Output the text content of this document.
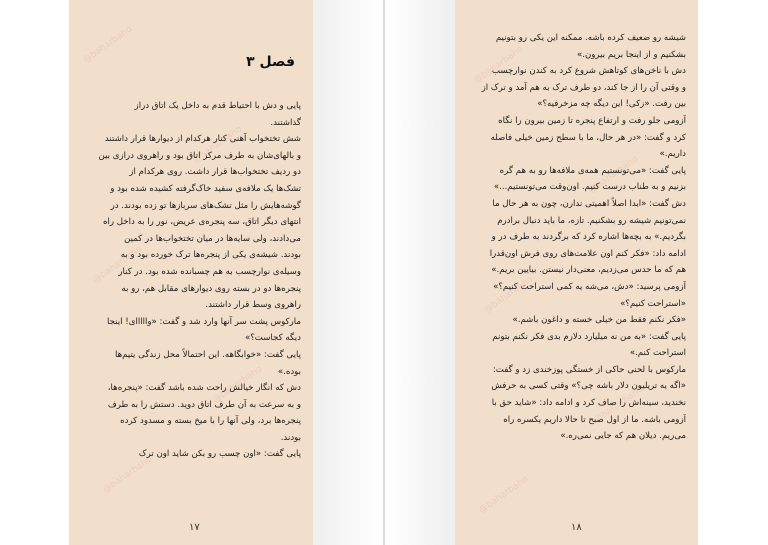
@baharbaho
@baharbaho
@baharbaho
@baharbaho
@baharbaho
فصل ۳
پایی و دش با احتیاط قدم به داخل یک اتاق دراز
گذاشتند.
شش تختخواب آهنی کنار هرکدام از دیوارها قرار داشتند
و بالهای‌شان به طرف مرکز اتاق بود و راهروی درازی بین
دو ردیف تختخواب‌ها قرار داشت. روی هرکدام از
تشک‌ها یک ملافه‌ی سفید خاک‌گرفته کشیده شده بود و
گوشه‌هایش را مثل تشک‌های سربازها تو زده بودند. در
انتهای دیگر اتاق، سه پنجره‌ی عریض، نور را به داخل راه
می‌دادند، ولی سایه‌ها در میان تختخواب‌ها در کمین
بودند. شیشه‌ی یکی از پنجره‌ها ترک خورده بود و به
وسیله‌ی نوارچسب به هم چسبانده شده بود. در کنار
پنجره‌ها دو در بسته روی دیوارهای مقابل هم، رو به
راهروی وسط قرار داشتند.
مارکوس پشت سر آنها وارد شد و گفت: «وااااای! اینجا
دیگه کجاست؟»
پایی گفت: «خوابگاهه. این احتمالاً محل زندگی یتیم‌ها
بوده.»
دش که انگار خیالش راحت شده باشد گفت: «پنجره‌ها،
و به سرعت به آن طرف اتاق دوید. دستش را به طرف
پنجره‌ها برد، ولی آنها را با میخ بسته و مسدود کرده
بودند.
پایی گفت: «اون چسب رو بکن شاید اون ترک
۱۷
@baharbaho
@baharbaho
@baharbaho
@baharbaho
@baharbaho
شیشه رو ضعیف کرده باشه. ممکنه این یکی رو بتونیم
بشکنیم و از اینجا بریم بیرون.»
دش با ناخن‌های کوتاهش شروع کرد به کندن نوارچسب
و وقتی آن را از جا کند، دو طرف ترک به هم آمد و ترک از
بین رفت. «زکی! این دیگه چه مزخرفیه؟»
آزومی جلو رفت و ارتفاع پنجره تا زمین بیرون را نگاه
کرد و گفت: «در هر حال، ما با سطح زمین خیلی فاصله
داریم.»
پایی گفت: «می‌تونستیم همه‌ی ملافه‌ها رو به هم گره
بزنیم و به طناب درست کنیم. اون‌وقت می‌تونستیم...»
دش گفت: «ابدا اصلاً اهمیتی ندارن، چون به هر حال ما
نمی‌تونیم شیشه رو بشکنیم. تازه، ما باید دنبال برادرم
بگردیم.» به بچه‌ها اشاره کرد که برگردند به طرف در و
ادامه داد: «فکر کنم اون علامت‌های روی فرش اون‌قدرا
هم که ما حدس می‌زدیم، معنی‌دار نیستن. بیایین بریم.»
آزومی پرسید: «دش، می‌شه یه کمی استراحت کنیم؟»
«استراحت کنیم؟»
«فکر نکنم فقط من خیلی خسته و داغون باشم.»
پایی گفت: «به من نه میلیارد دلارم بدی فکر نکنم بتونم
استراحت کنم.»
مارکوس با لحنی حاکی از خستگی پوزخندی زد و گفت:
«اگه یه تریلیون دلار باشه چی؟» وقتی کسی به حرفش
نخندید، سینه‌اش را صاف کرد و ادامه داد: «شاید حق با
آزومی باشه. ما از اول صبح تا حالا داریم یکسره راه
می‌ریم. دیلان هم که جایی نمی‌ره.»
۱۸
